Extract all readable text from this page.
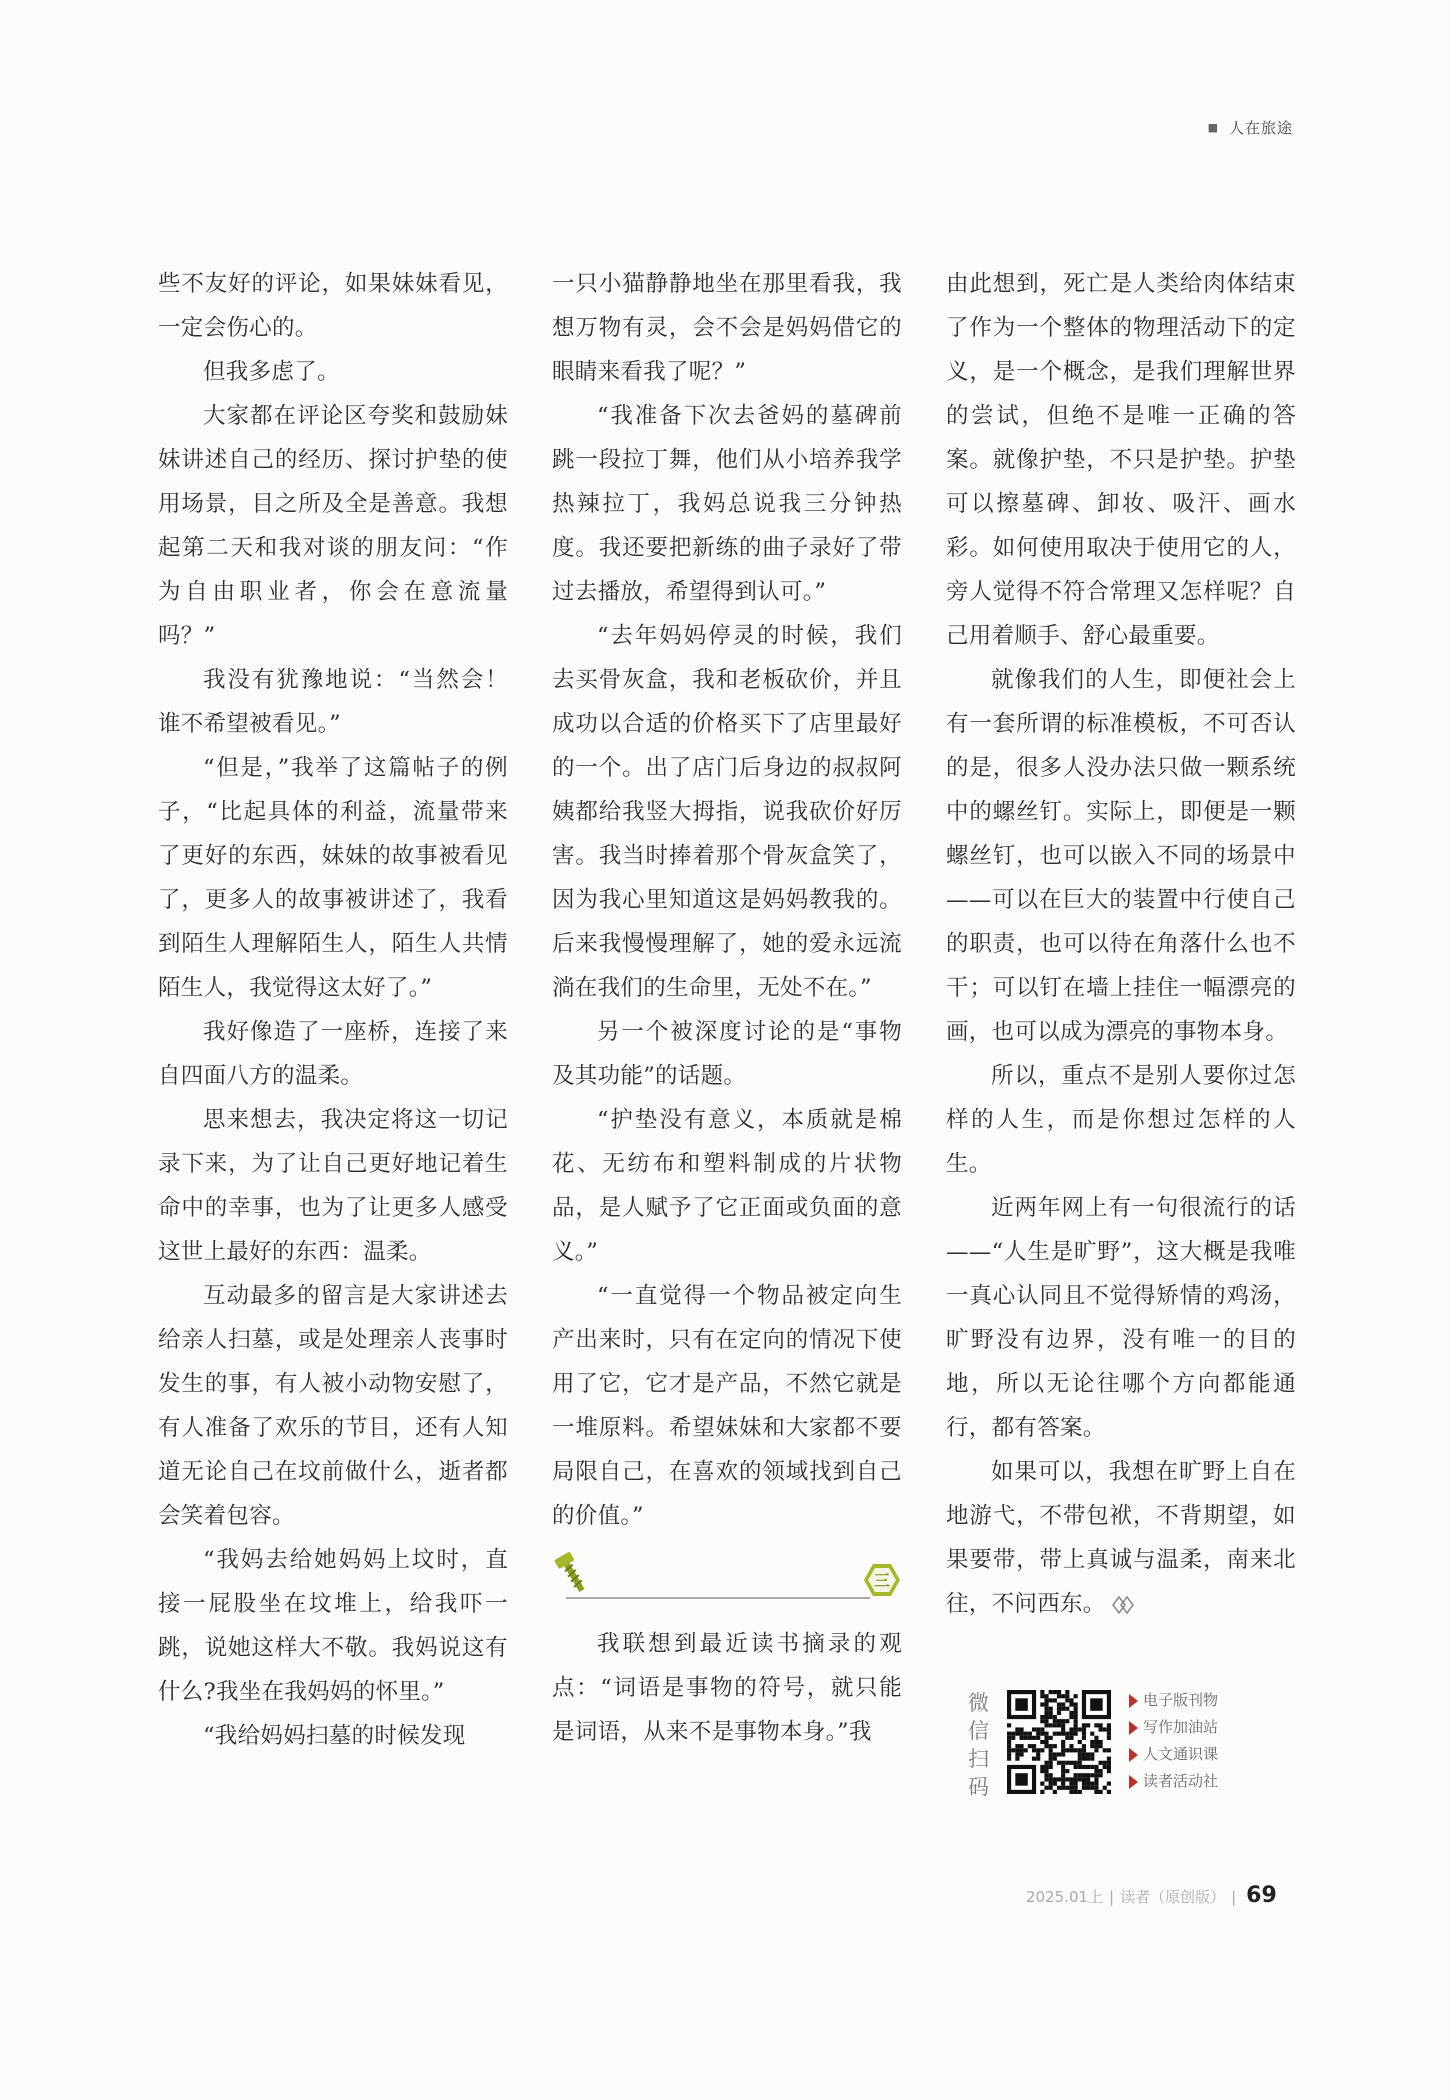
■ 人在旅途

些不友好的评论，如果妹妹看见，一定会伤心的。

但我多虑了。

大家都在评论区夸奖和鼓励妹妹讲述自己的经历、探讨护垫的使用场景，目之所及全是善意。我想起第二天和我对谈的朋友问：“作为自由职业者，你会在意流量吗？”

我没有犹豫地说：“当然会！谁不希望被看见。”

“但是，”我举了这篇帖子的例子，“比起具体的利益，流量带来了更好的东西，妹妹的故事被看见了，更多人的故事被讲述了，我看到陌生人理解陌生人，陌生人共情陌生人，我觉得这太好了。”

我好像造了一座桥，连接了来自四面八方的温柔。

思来想去，我决定将这一切记录下来，为了让自己更好地记着生命中的幸事，也为了让更多人感受这世上最好的东西：温柔。

互动最多的留言是大家讲述去给亲人扫墓，或是处理亲人丧事时发生的事，有人被小动物安慰了，有人准备了欢乐的节目，还有人知道无论自己在坟前做什么，逝者都会笑着包容。

“我妈去给她妈妈上坟时，直接一屁股坐在坟堆上，给我吓一跳，说她这样大不敬。我妈说这有什么?我坐在我妈妈的怀里。”

“我给妈妈扫墓的时候发现

一只小猫静静地坐在那里看我，我想万物有灵，会不会是妈妈借它的眼睛来看我了呢？”

“我准备下次去爸妈的墓碑前跳一段拉丁舞，他们从小培养我学热辣拉丁，我妈总说我三分钟热度。我还要把新练的曲子录好了带过去播放，希望得到认可。”

“去年妈妈停灵的时候，我们去买骨灰盒，我和老板砍价，并且成功以合适的价格买下了店里最好的一个。出了店门后身边的叔叔阿姨都给我竖大拇指，说我砍价好厉害。我当时捧着那个骨灰盒笑了，因为我心里知道这是妈妈教我的。后来我慢慢理解了，她的爱永远流淌在我们的生命里，无处不在。”

另一个被深度讨论的是“事物及其功能”的话题。

“护垫没有意义，本质就是棉花、无纺布和塑料制成的片状物品，是人赋予了它正面或负面的意义。”

“一直觉得一个物品被定向生产出来时，只有在定向的情况下使用了它，它才是产品，不然它就是一堆原料。希望妹妹和大家都不要局限自己，在喜欢的领域找到自己的价值。”

三

我联想到最近读书摘录的观点：“词语是事物的符号，就只能是词语，从来不是事物本身。”我

由此想到，死亡是人类给肉体结束了作为一个整体的物理活动下的定义，是一个概念，是我们理解世界的尝试，但绝不是唯一正确的答案。就像护垫，不只是护垫。护垫可以擦墓碑、卸妆、吸汗、画水彩。如何使用取决于使用它的人，旁人觉得不符合常理又怎样呢？自己用着顺手、舒心最重要。

就像我们的人生，即便社会上有一套所谓的标准模板，不可否认的是，很多人没办法只做一颗系统中的螺丝钉。实际上，即便是一颗螺丝钉，也可以嵌入不同的场景中——可以在巨大的装置中行使自己的职责，也可以待在角落什么也不干；可以钉在墙上挂住一幅漂亮的画，也可以成为漂亮的事物本身。

所以，重点不是别人要你过怎样的人生，而是你想过怎样的人生。

近两年网上有一句很流行的话——“人生是旷野”，这大概是我唯一真心认同且不觉得矫情的鸡汤，旷野没有边界，没有唯一的目的地，所以无论往哪个方向都能通行，都有答案。

如果可以，我想在旷野上自在地游弋，不带包袱，不背期望，如果要带，带上真诚与温柔，南来北往，不问西东。

微
信
扫
码
电子版刊物
写作加油站
人文通识课
读者活动社
2025.01上 | 读者（原创版） | 69
